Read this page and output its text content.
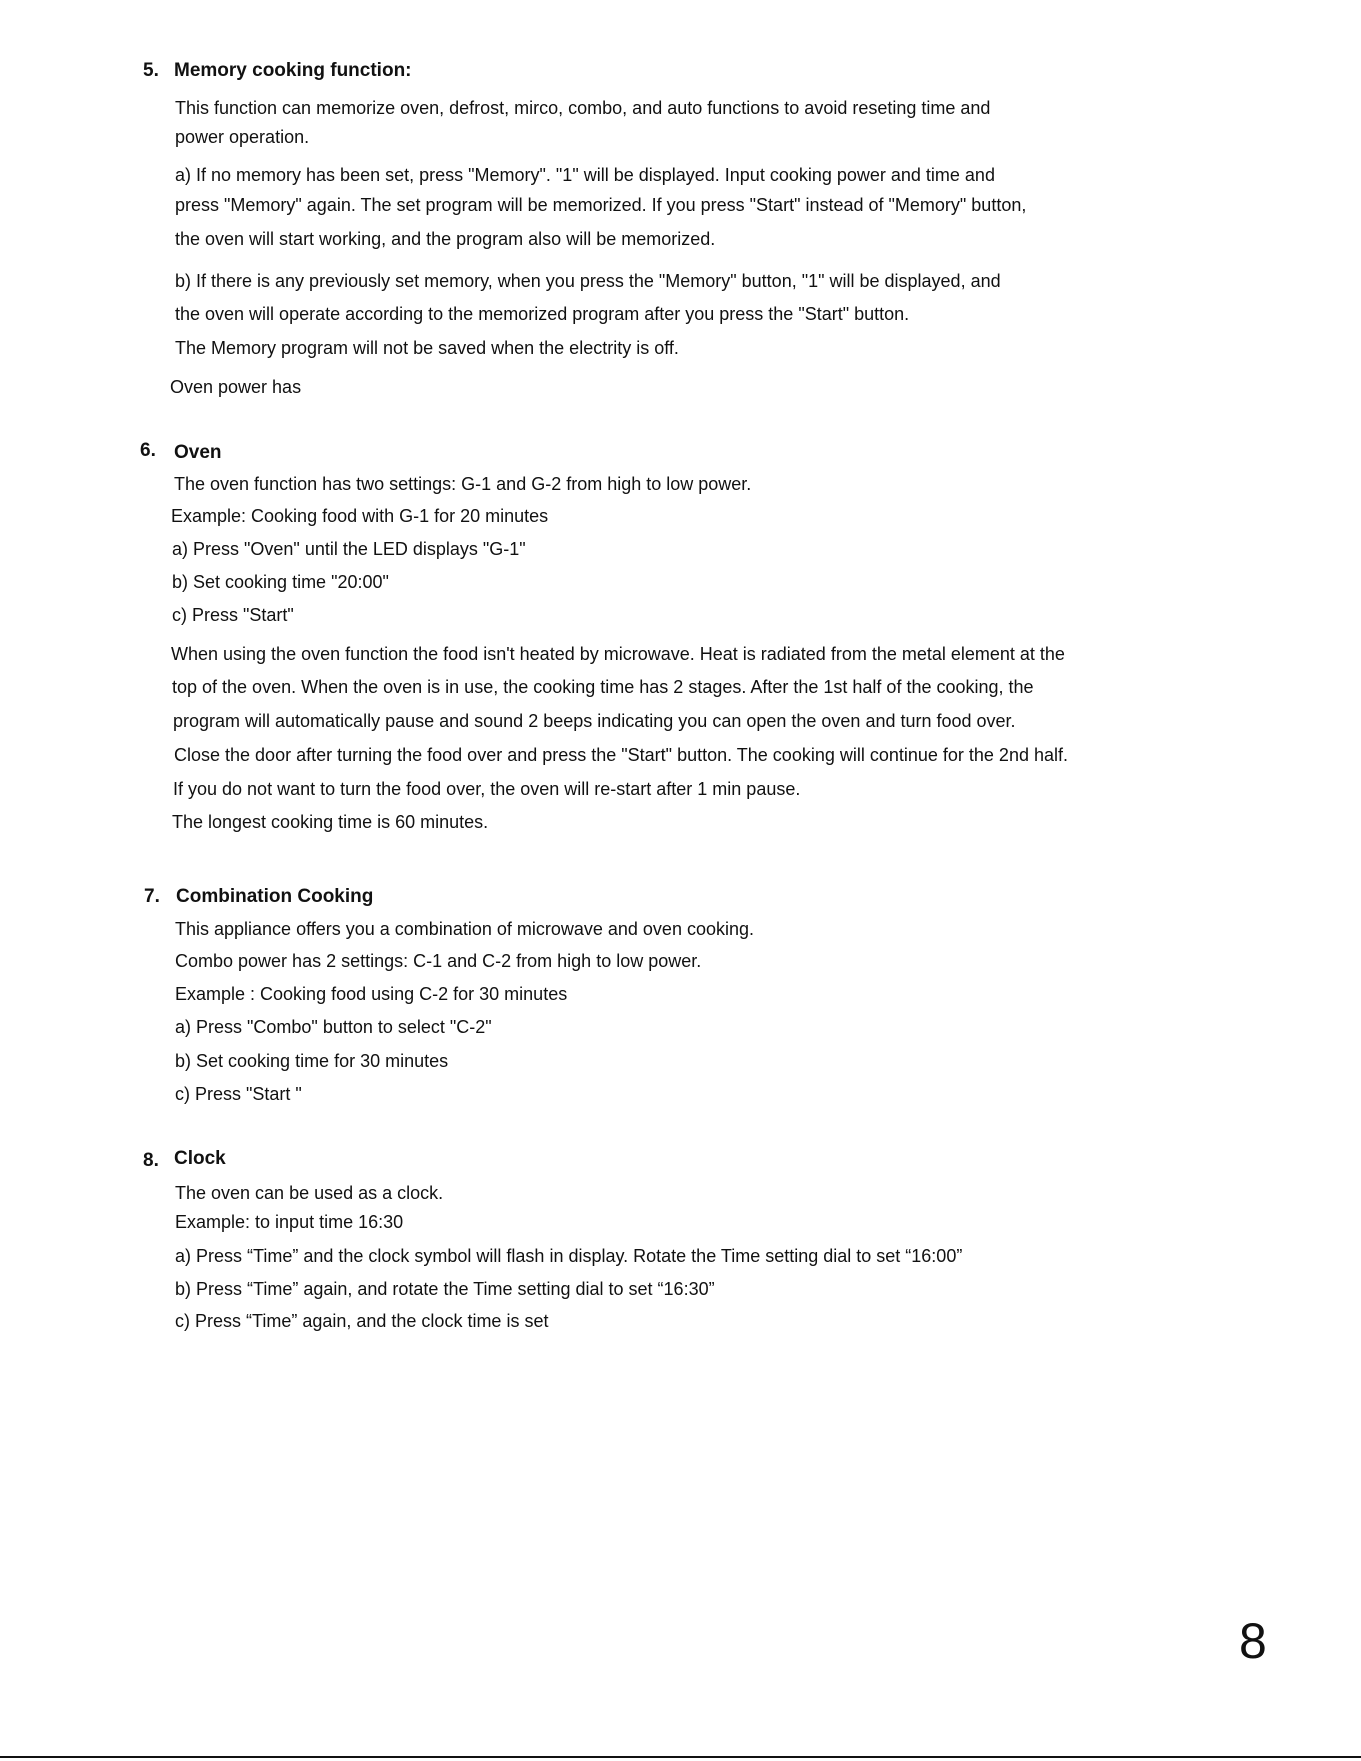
5. Memory cooking function:
This function can memorize oven, defrost, mirco, combo, and auto functions to avoid reseting time and
power operation.
a) If no memory has been set, press "Memory". "1" will be displayed. Input cooking power and time and
press "Memory" again. The set program will be memorized. If you press "Start" instead of "Memory" button,
the oven will start working, and the program also will be memorized.
b) If there is any previously set memory, when you press the "Memory" button, "1" will be displayed, and
the oven will operate according to the memorized program after you press the "Start" button.
The Memory program will not be saved when the electrity is off.
Oven power has
6. Oven
The oven function has two settings: G-1 and G-2 from high to low power.
Example: Cooking food with G-1 for 20 minutes
a) Press "Oven" until the LED displays "G-1"
b) Set cooking time "20:00"
c) Press "Start"
When using the oven function the food isn't heated by microwave. Heat is radiated from the metal element at the
top of the oven. When the oven is in use, the cooking time has 2 stages. After the 1st half of the cooking, the
program will automatically pause and sound 2 beeps indicating you can open the oven and turn food over.
Close the door after turning the food over and press the "Start" button. The cooking will continue for the 2nd half.
If you do not want to turn the food over, the oven will re-start after 1 min pause.
The longest cooking time is 60 minutes.
7. Combination Cooking
This appliance offers you a combination of microwave and oven cooking.
Combo power has 2 settings: C-1 and C-2 from high to low power.
Example : Cooking food using C-2 for 30 minutes
a) Press "Combo" button to select "C-2"
b) Set cooking time for 30 minutes
c) Press "Start "
8. Clock
The oven can be used as a clock.
Example: to input time 16:30
a) Press “Time” and the clock symbol will flash in display. Rotate the Time setting dial to set “16:00”
b) Press “Time” again, and rotate the Time setting dial to set “16:30”
c) Press “Time” again, and the clock time is set
8
